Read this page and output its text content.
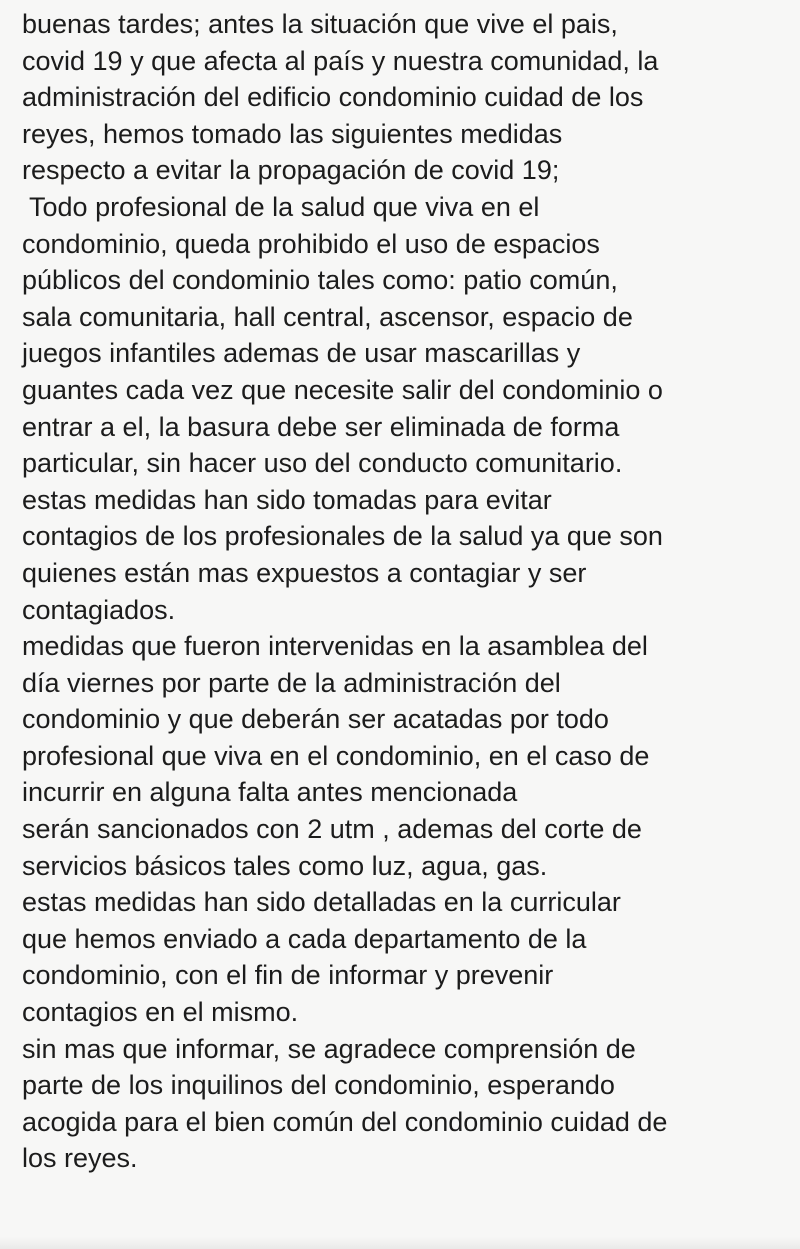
buenas tardes; antes la situación que vive el pais,
covid 19 y que afecta al país y nuestra comunidad, la
administración del edificio condominio cuidad de los
reyes, hemos tomado las siguientes medidas
respecto a evitar la propagación de covid 19;
Todo profesional de la salud que viva en el
condominio, queda prohibido el uso de espacios
públicos del condominio tales como: patio común,
sala comunitaria, hall central, ascensor, espacio de
juegos infantiles ademas de usar mascarillas y
guantes cada vez que necesite salir del condominio o
entrar a el, la basura debe ser eliminada de forma
particular, sin hacer uso del conducto comunitario.
estas medidas han sido tomadas para evitar
contagios de los profesionales de la salud ya que son
quienes están mas expuestos a contagiar y ser
contagiados.
medidas que fueron intervenidas en la asamblea del
día viernes por parte de la administración del
condominio y que deberán ser acatadas por todo
profesional que viva en el condominio, en el caso de
incurrir en alguna falta antes mencionada
serán sancionados con 2 utm , ademas del corte de
servicios básicos tales como luz, agua, gas.
estas medidas han sido detalladas en la curricular
que hemos enviado a cada departamento de la
condominio, con el fin de informar y prevenir
contagios en el mismo.
sin mas que informar, se agradece comprensión de
parte de los inquilinos del condominio, esperando
acogida para el bien común del condominio cuidad de
los reyes.
